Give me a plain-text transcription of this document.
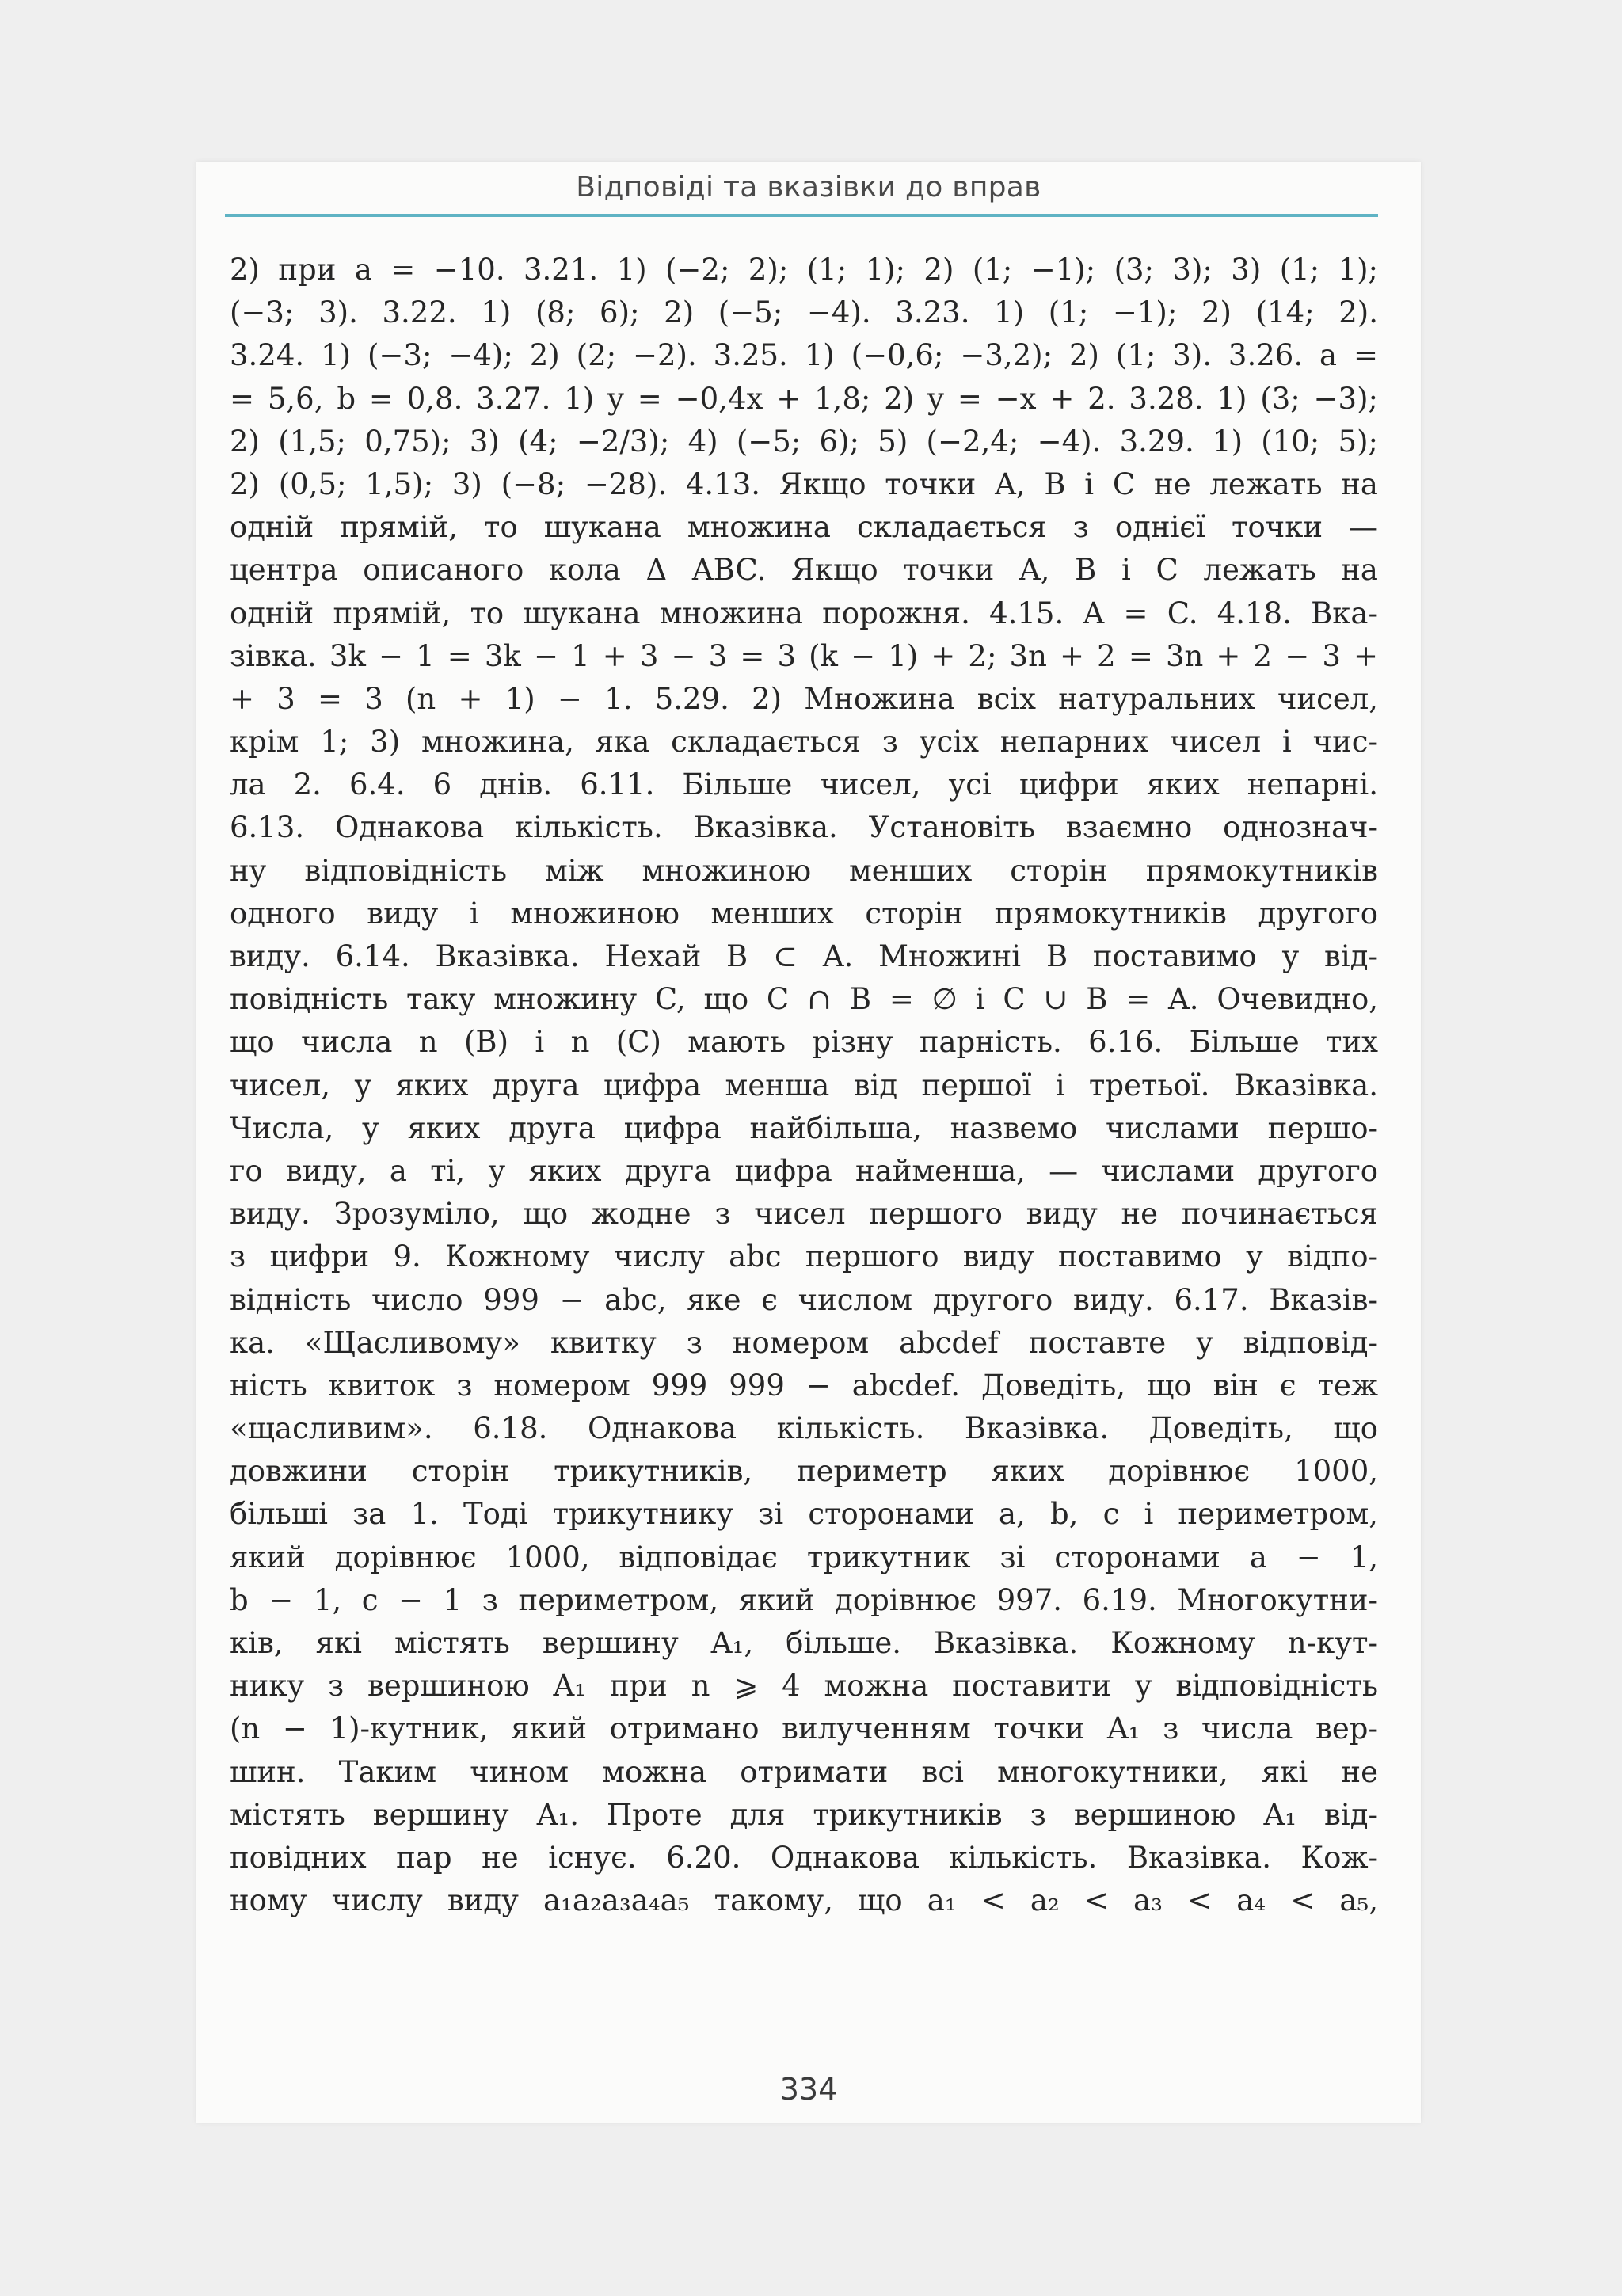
Відповіді та вказівки до вправ
2) при a = −10. 3.21. 1) (−2; 2); (1; 1); 2) (1; −1); (3; 3); 3) (1; 1);
(−3; 3). 3.22. 1) (8; 6); 2) (−5; −4). 3.23. 1) (1; −1); 2) (14; 2).
3.24. 1) (−3; −4); 2) (2; −2). 3.25. 1) (−0,6; −3,2); 2) (1; 3). 3.26. a =
= 5,6, b = 0,8. 3.27. 1) y = −0,4x + 1,8; 2) y = −x + 2. 3.28. 1) (3; −3);
2) (1,5; 0,75); 3) (4; −2/3); 4) (−5; 6); 5) (−2,4; −4). 3.29. 1) (10; 5);
2) (0,5; 1,5); 3) (−8; −28). 4.13. Якщо точки A, B і C не лежать на
одній прямій, то шукана множина складається з однієї точки —
центра описаного кола Δ ABC. Якщо точки A, B і C лежать на
одній прямій, то шукана множина порожня. 4.15. A = C. 4.18. Вка-
зівка. 3k − 1 = 3k − 1 + 3 − 3 = 3 (k − 1) + 2; 3n + 2 = 3n + 2 − 3 +
+ 3 = 3 (n + 1) − 1. 5.29. 2) Множина всіх натуральних чисел,
крім 1; 3) множина, яка складається з усіх непарних чисел і чис-
ла 2. 6.4. 6 днів. 6.11. Більше чисел, усі цифри яких непарні.
6.13. Однакова кількість. Вказівка. Установіть взаємно однознач-
ну відповідність між множиною менших сторін прямокутників
одного виду і множиною менших сторін прямокутників другого
виду. 6.14. Вказівка. Нехай B ⊂ A. Множині B поставимо у від-
повідність таку множину C, що C ∩ B = ∅ і C ∪ B = A. Очевидно,
що числа n (B) і n (C) мають різну парність. 6.16. Більше тих
чисел, у яких друга цифра менша від першої і третьої. Вказівка.
Числа, у яких друга цифра найбільша, назвемо числами першо-
го виду, а ті, у яких друга цифра найменша, — числами другого
виду. Зрозуміло, що жодне з чисел першого виду не починається
з цифри 9. Кожному числу abc першого виду поставимо у відпо-
відність число 999 − abc, яке є числом другого виду. 6.17. Вказів-
ка. «Щасливому» квитку з номером abcdef поставте у відповід-
ність квиток з номером 999 999 − abcdef. Доведіть, що він є теж
«щасливим». 6.18. Однакова кількість. Вказівка. Доведіть, що
довжини сторін трикутників, периметр яких дорівнює 1000,
більші за 1. Тоді трикутнику зі сторонами a, b, c і периметром,
який дорівнює 1000, відповідає трикутник зі сторонами a − 1,
b − 1, c − 1 з периметром, який дорівнює 997. 6.19. Многокутни-
ків, які містять вершину A₁, більше. Вказівка. Кожному n-кут-
нику з вершиною A₁ при n ⩾ 4 можна поставити у відповідність
(n − 1)-кутник, який отримано вилученням точки A₁ з числа вер-
шин. Таким чином можна отримати всі многокутники, які не
містять вершину A₁. Проте для трикутників з вершиною A₁ від-
повідних пар не існує. 6.20. Однакова кількість. Вказівка. Кож-
ному числу виду a₁a₂a₃a₄a₅ такому, що a₁ < a₂ < a₃ < a₄ < a₅,
334
